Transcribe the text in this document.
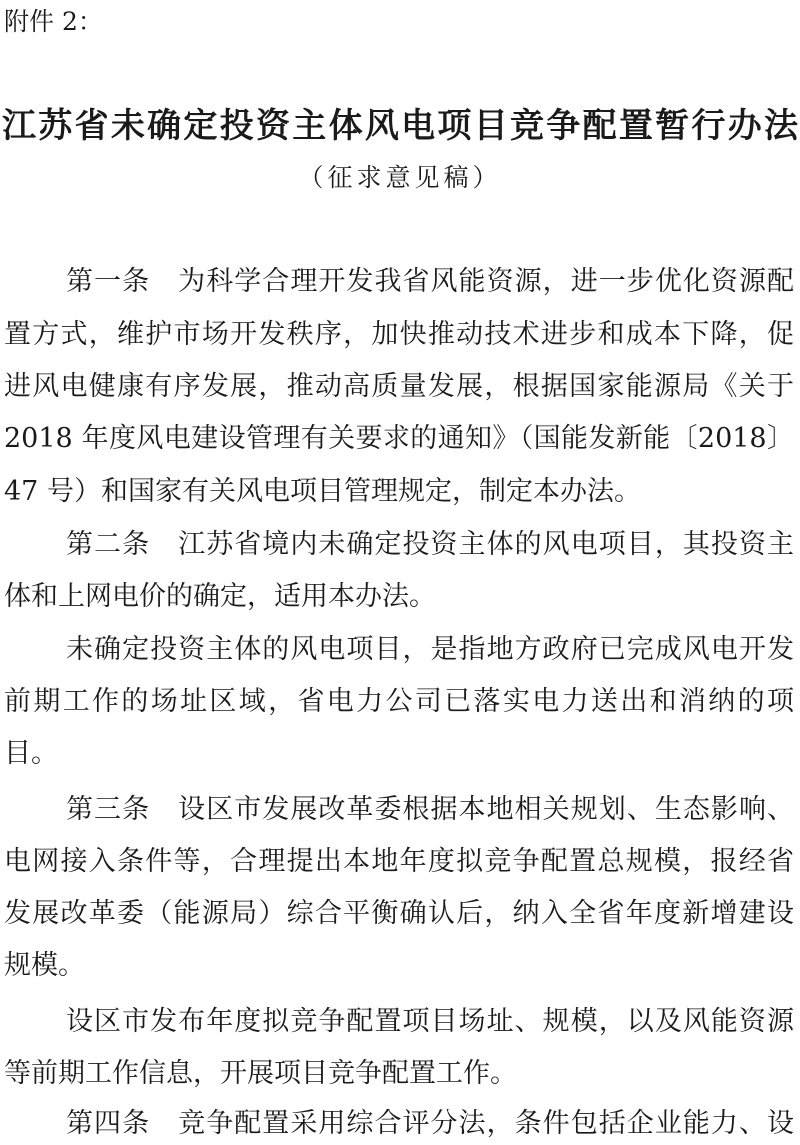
附件 2：
江苏省未确定投资主体风电项目竞争配置暂行办法
（征求意见稿）
第一条　为科学合理开发我省风能资源，进一步优化资源配
置方式，维护市场开发秩序，加快推动技术进步和成本下降，促
进风电健康有序发展，推动高质量发展，根据国家能源局《关于
2018 年度风电建设管理有关要求的通知》（国能发新能〔2018〕
47 号）和国家有关风电项目管理规定，制定本办法。
第二条　江苏省境内未确定投资主体的风电项目，其投资主
体和上网电价的确定，适用本办法。
未确定投资主体的风电项目，是指地方政府已完成风电开发
前期工作的场址区域，省电力公司已落实电力送出和消纳的项
目。
第三条　设区市发展改革委根据本地相关规划、生态影响、
电网接入条件等，合理提出本地年度拟竞争配置总规模，报经省
发展改革委（能源局）综合平衡确认后，纳入全省年度新增建设
规模。
设区市发布年度拟竞争配置项目场址、规模，以及风能资源
等前期工作信息，开展项目竞争配置工作。
第四条　竞争配置采用综合评分法，条件包括企业能力、设
